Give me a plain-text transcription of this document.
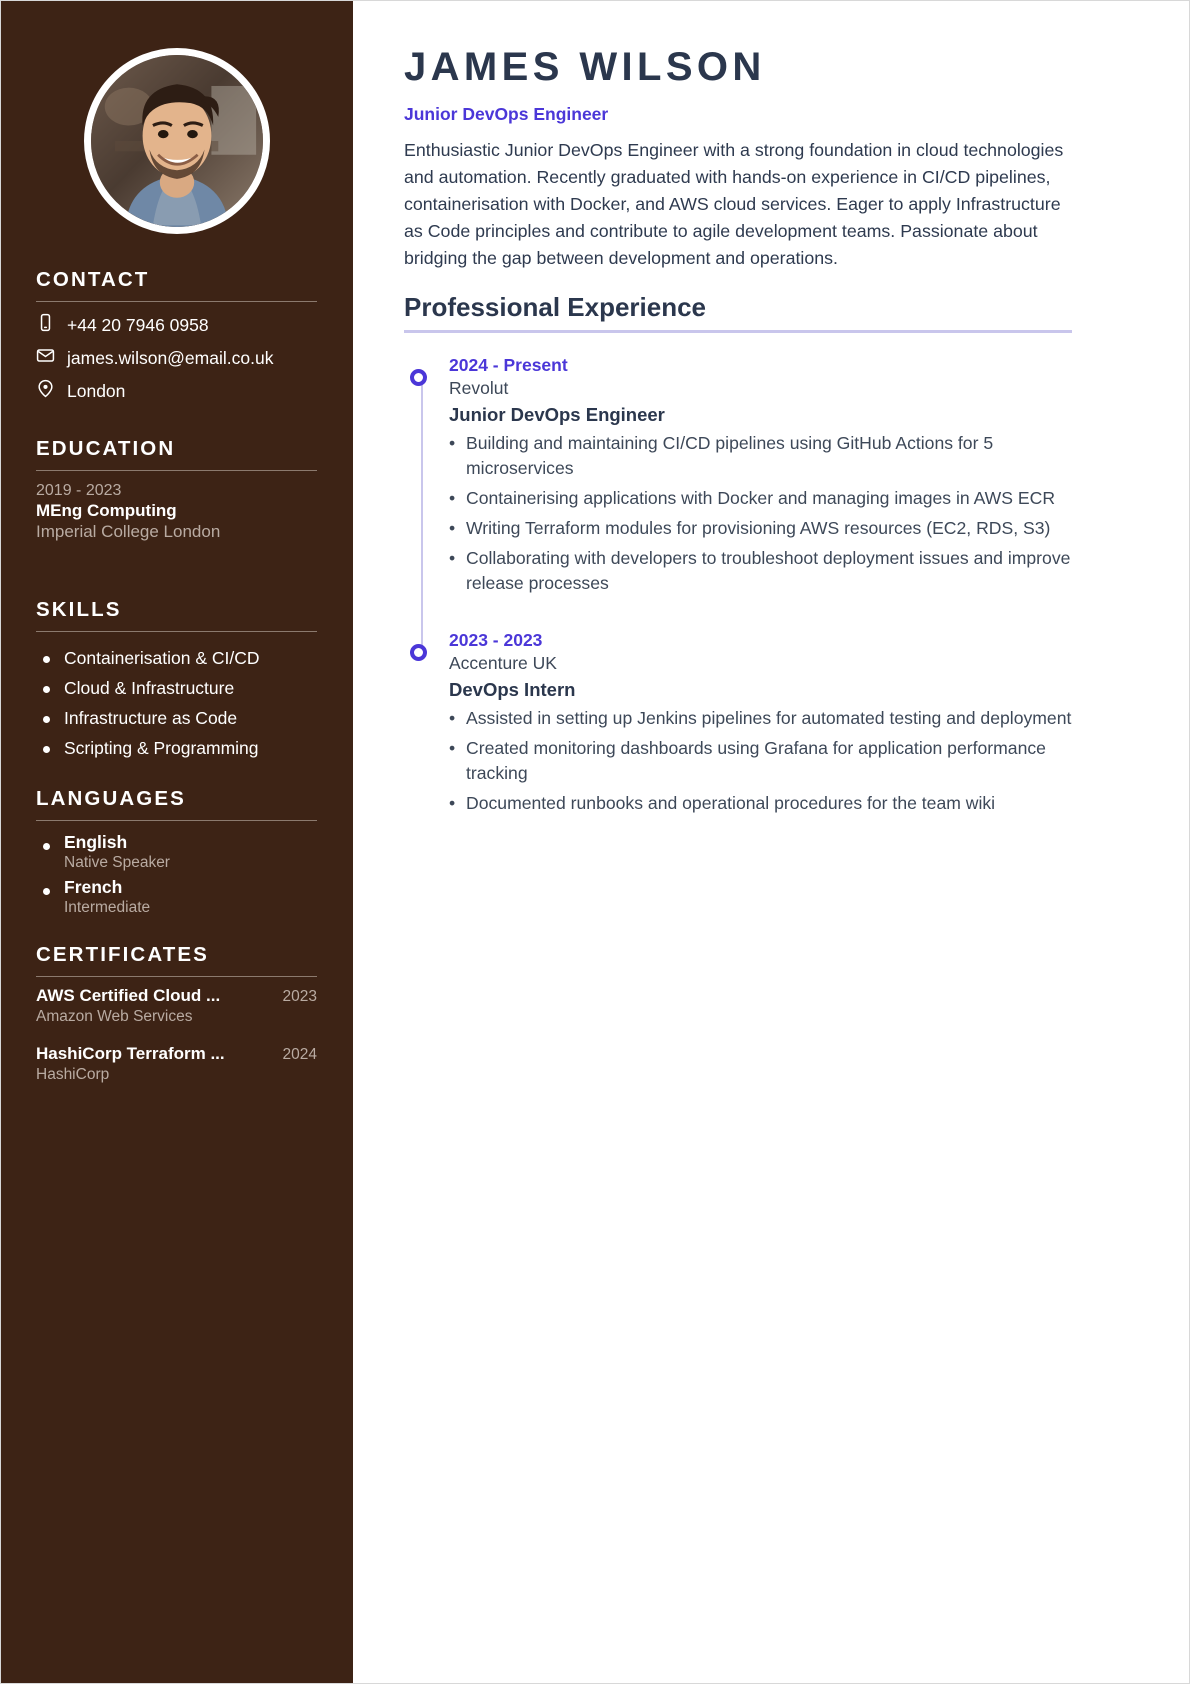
CONTACT
+44 20 7946 0958
james.wilson@email.co.uk
London
EDUCATION
2019 - 2023
MEng Computing
Imperial College London
SKILLS
Containerisation & CI/CD
Cloud & Infrastructure
Infrastructure as Code
Scripting & Programming
LANGUAGES
English
Native Speaker
French
Intermediate
CERTIFICATES
AWS Certified Cloud ...	2023
Amazon Web Services
HashiCorp Terraform ...	2024
HashiCorp
JAMES WILSON
Junior DevOps Engineer

Enthusiastic Junior DevOps Engineer with a strong foundation in cloud technologies and automation. Recently graduated with hands-on experience in CI/CD pipelines, containerisation with Docker, and AWS cloud services. Eager to apply Infrastructure as Code principles and contribute to agile development teams. Passionate about bridging the gap between development and operations.

Professional Experience
2024 - Present
Revolut
Junior DevOps Engineer
• Building and maintaining CI/CD pipelines using GitHub Actions for 5 microservices
• Containerising applications with Docker and managing images in AWS ECR
• Writing Terraform modules for provisioning AWS resources (EC2, RDS, S3)
• Collaborating with developers to troubleshoot deployment issues and improve release processes
2023 - 2023
Accenture UK
DevOps Intern
• Assisted in setting up Jenkins pipelines for automated testing and deployment
• Created monitoring dashboards using Grafana for application performance tracking
• Documented runbooks and operational procedures for the team wiki
